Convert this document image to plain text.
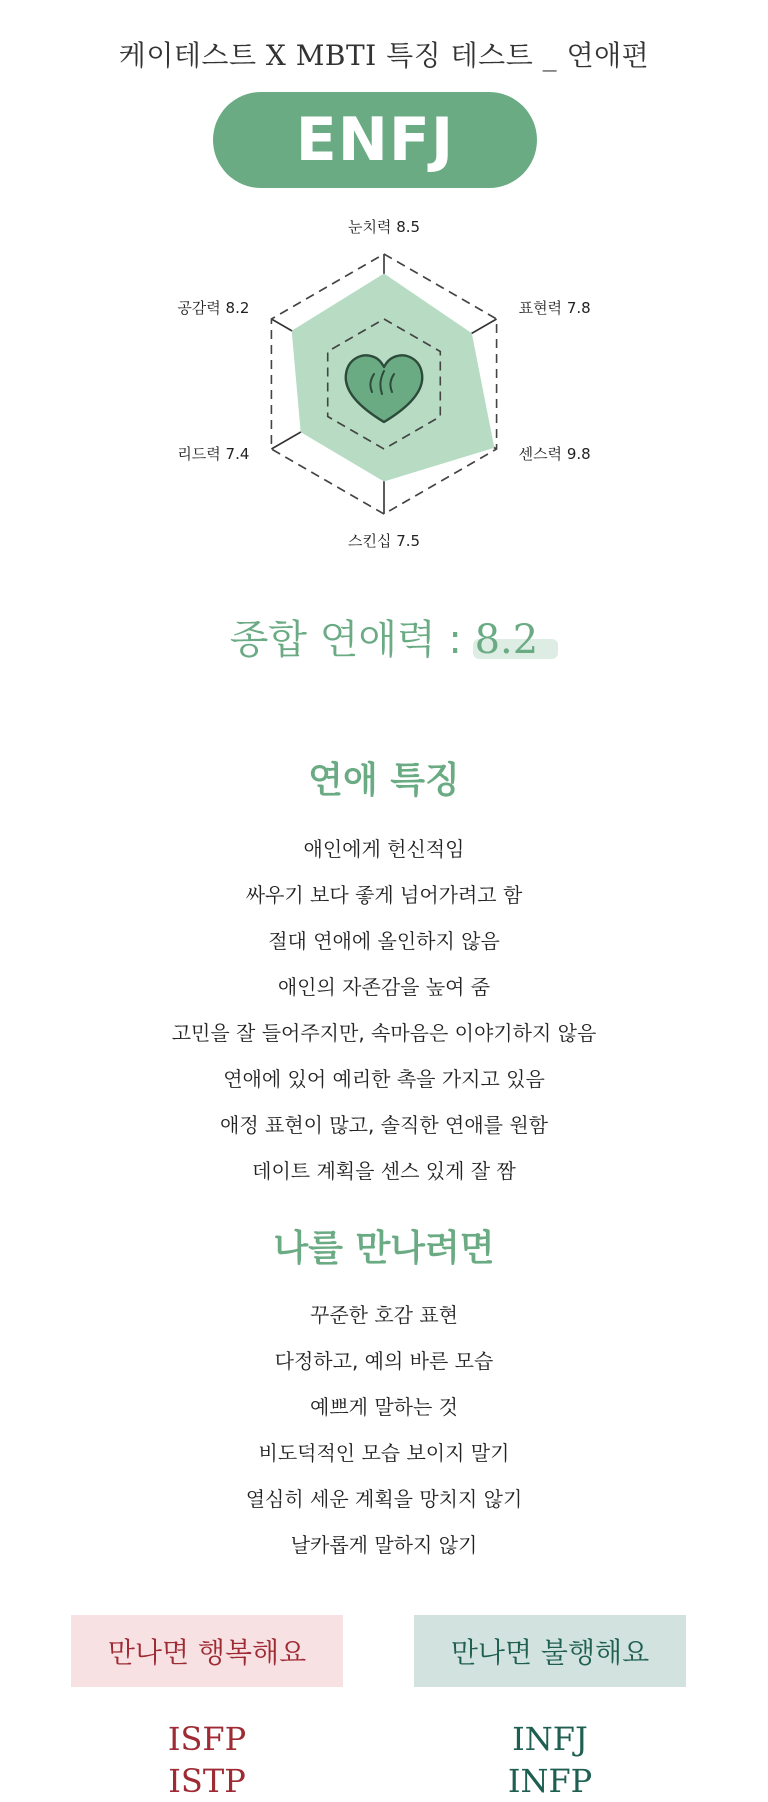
케이테스트 X MBTI 특징 테스트 _ 연애편
ENFJ
눈치력 8.5
표현력 7.8
센스력 9.8
스킨십 7.5
리드력 7.4
공감력 8.2
종합 연애력 : 8.2
연애 특징
애인에게 헌신적임
싸우기 보다 좋게 넘어가려고 함
절대 연애에 올인하지 않음
애인의 자존감을 높여 줌
고민을 잘 들어주지만, 속마음은 이야기하지 않음
연애에 있어 예리한 촉을 가지고 있음
애정 표현이 많고, 솔직한 연애를 원함
데이트 계획을 센스 있게 잘 짬
나를 만나려면
꾸준한 호감 표현
다정하고, 예의 바른 모습
예쁘게 말하는 것
비도덕적인 모습 보이지 말기
열심히 세운 계획을 망치지 않기
날카롭게 말하지 않기
만나면 행복해요	만나면 불행해요
ISFP
ISTP
INFJ
INFP
